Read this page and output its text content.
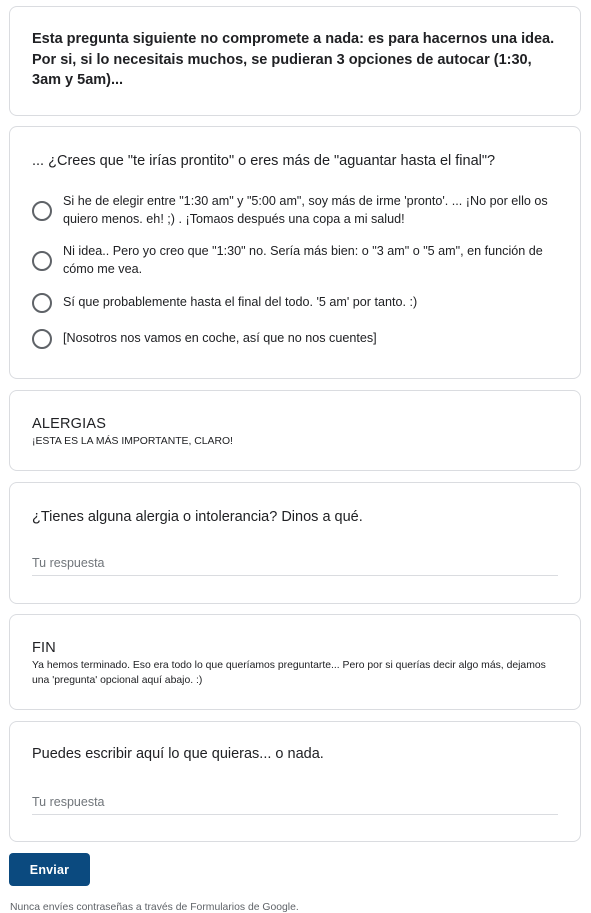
Esta pregunta siguiente no compromete a nada: es para hacernos una idea. Por si, si lo necesitais muchos, se pudieran 3 opciones de autocar (1:30, 3am y 5am)...
... ¿Crees que "te irías prontito" o eres más de "aguantar hasta el final"?
Si he de elegir entre "1:30 am" y "5:00 am", soy más de irme 'pronto'. ... ¡No por ello os quiero menos. eh! ;) . ¡Tomaos después una copa a mi salud!
Ni idea.. Pero yo creo que "1:30" no. Sería más bien: o "3 am" o "5 am", en función de cómo me vea.
Sí que probablemente hasta el final del todo. '5 am' por tanto. :)
[Nosotros nos vamos en coche, así que no nos cuentes]
ALERGIAS
¡ESTA ES LA MÁS IMPORTANTE, CLARO!
¿Tienes alguna alergia o intolerancia? Dinos a qué.
Tu respuesta
FIN
Ya hemos terminado. Eso era todo lo que queríamos preguntarte... Pero por si querías decir algo más, dejamos una 'pregunta' opcional aquí abajo. :)
Puedes escribir aquí lo que quieras... o nada.
Tu respuesta
Enviar
Nunca envíes contraseñas a través de Formularios de Google.
